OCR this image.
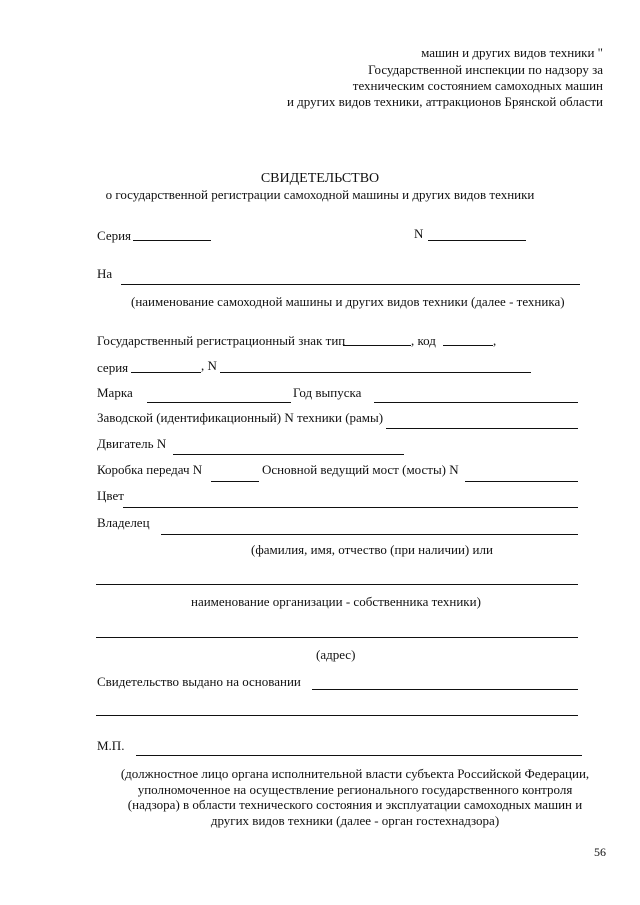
машин и других видов техники "
Государственной инспекции по надзору за
техническим состоянием самоходных машин
и других видов техники, аттракционов Брянской области
СВИДЕТЕЛЬСТВО
о государственной регистрации самоходной машины и других видов техники
Серия	N
На
(наименование самоходной машины и других видов техники (далее - техника)
Государственный регистрационный знак тип	, код	,
серия	, N
Марка	Год выпуска
Заводской (идентификационный) N техники (рамы)
Двигатель N
Коробка передач N	Основной ведущий мост (мосты) N
Цвет
Владелец
(фамилия, имя, отчество (при наличии) или
наименование организации - собственника техники)
(адрес)
Свидетельство выдано на основании
М.П.
(должностное лицо органа исполнительной власти субъекта Российской Федерации,
уполномоченное на осуществление регионального государственного контроля
(надзора) в области технического состояния и эксплуатации самоходных машин и
других видов техники (далее - орган гостехнадзора)
56
